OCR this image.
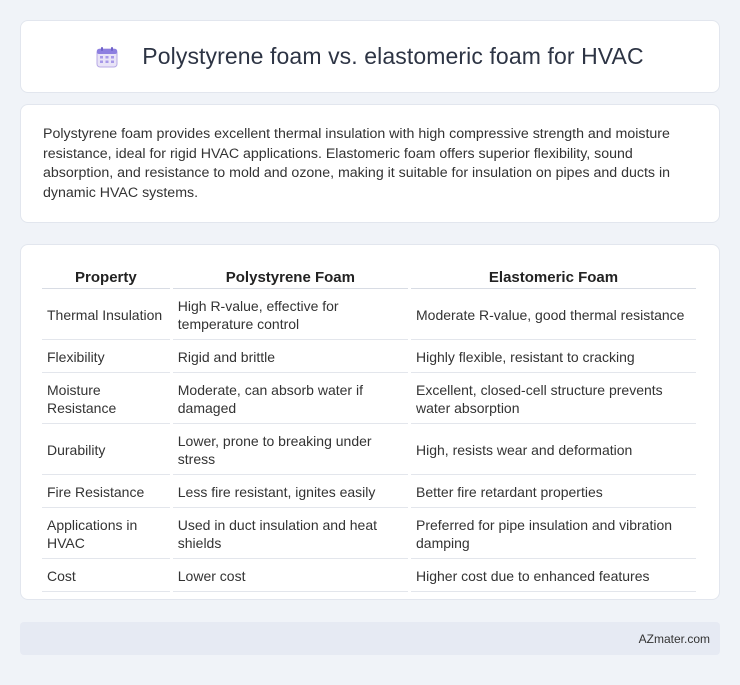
Polystyrene foam vs. elastomeric foam for HVAC

Polystyrene foam provides excellent thermal insulation with high compressive strength and moisture resistance, ideal for rigid HVAC applications. Elastomeric foam offers superior flexibility, sound absorption, and resistance to mold and ozone, making it suitable for insulation on pipes and ducts in dynamic HVAC systems.

Property	Polystyrene Foam	Elastomeric Foam
Thermal Insulation	High R-value, effective for temperature control	Moderate R-value, good thermal resistance
Flexibility	Rigid and brittle	Highly flexible, resistant to cracking
Moisture Resistance	Moderate, can absorb water if damaged	Excellent, closed-cell structure prevents water absorption
Durability	Lower, prone to breaking under stress	High, resists wear and deformation
Fire Resistance	Less fire resistant, ignites easily	Better fire retardant properties
Applications in HVAC	Used in duct insulation and heat shields	Preferred for pipe insulation and vibration damping
Cost	Lower cost	Higher cost due to enhanced features
AZmater.com
